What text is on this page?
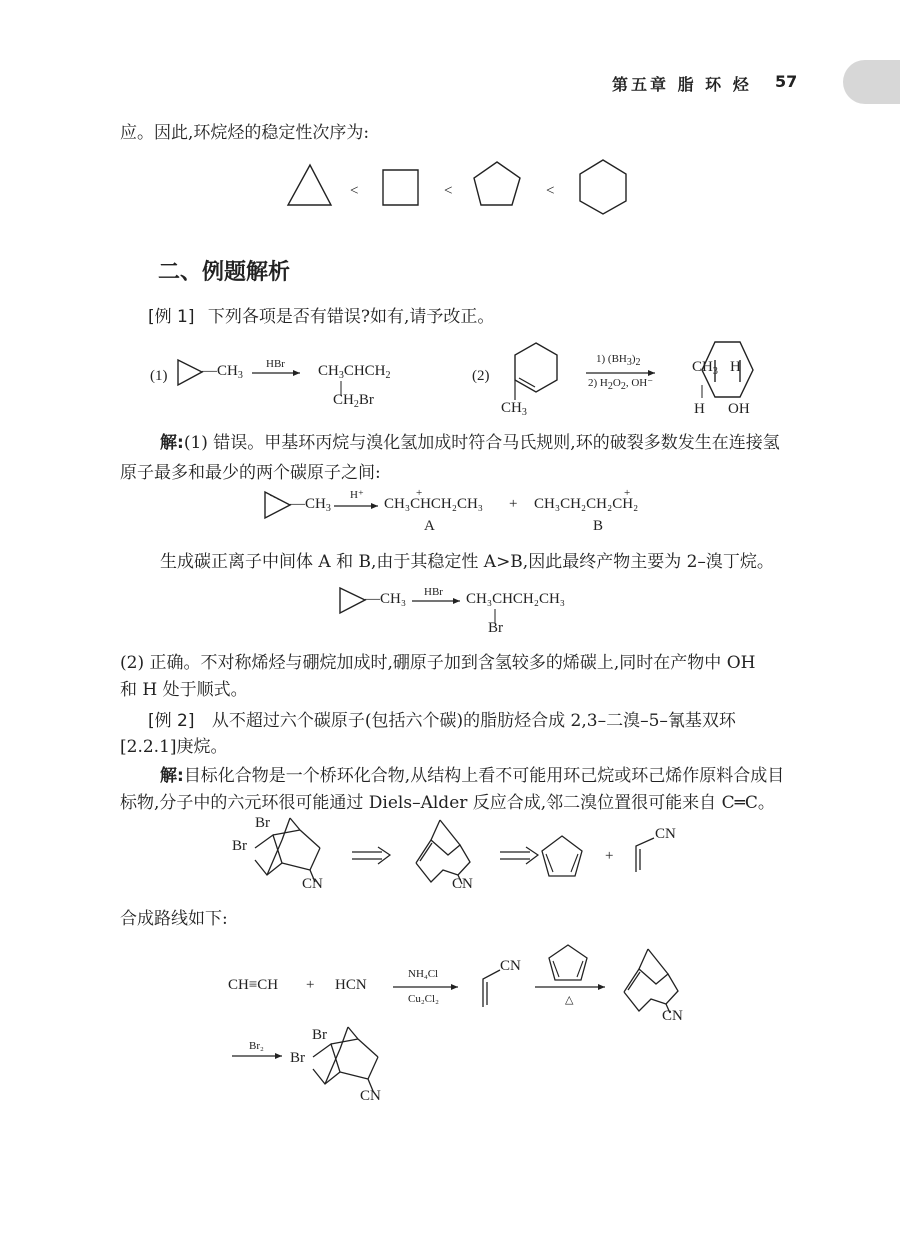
第五章 脂 环 烃 57
应。因此,环烷烃的稳定性次序为:
<	<	<
二、例题解析
[例 1] 下列各项是否有错误?如有,请予改正。
(1) $—CH_3$
HBr $CH_3CHCH_2$
$CH_2Br$
(2)
$CH_3$
1) $(BH_3)_2$
2) $H_2O_2$, OH⁻
$CH_3$ H
H OH
解:(1) 错误。甲基环丙烷与溴化氢加成时符合马氏规则,环的破裂多数发生在连接氢
原子最多和最少的两个碳原子之间:
$—CH_3$
H⁺	+
CH₃CHCH₂CH₃ +
+
CH₃CH₂CH₂CH₂
A	B
生成碳正离子中间体 A 和 B,由于其稳定性 A>B,因此最终产物主要为 2–溴丁烷。
—CH₃ HBr CH₃CHCH₂CH₃
Br
(2) 正确。不对称烯烃与硼烷加成时,硼原子加到含氢较多的烯碳上,同时在产物中 OH
和 H 处于顺式。
[例 2] 从不超过六个碳原子(包括六个碳)的脂肪烃合成 2,3–二溴–5–氰基双环
[2.2.1]庚烷。
解:目标化合物是一个桥环化合物,从结构上看不可能用环己烷或环己烯作原料合成目
标物,分子中的六元环很可能通过 Diels–Alder 反应合成,邻二溴位置很可能来自 C═C。
Br
Br
CN	CN
+
CN
合成路线如下:
CH≡CH + HCN
NH₄Cl
Cu₂Cl₂
CN
△
CN
Br₂
Br
Br
CN
